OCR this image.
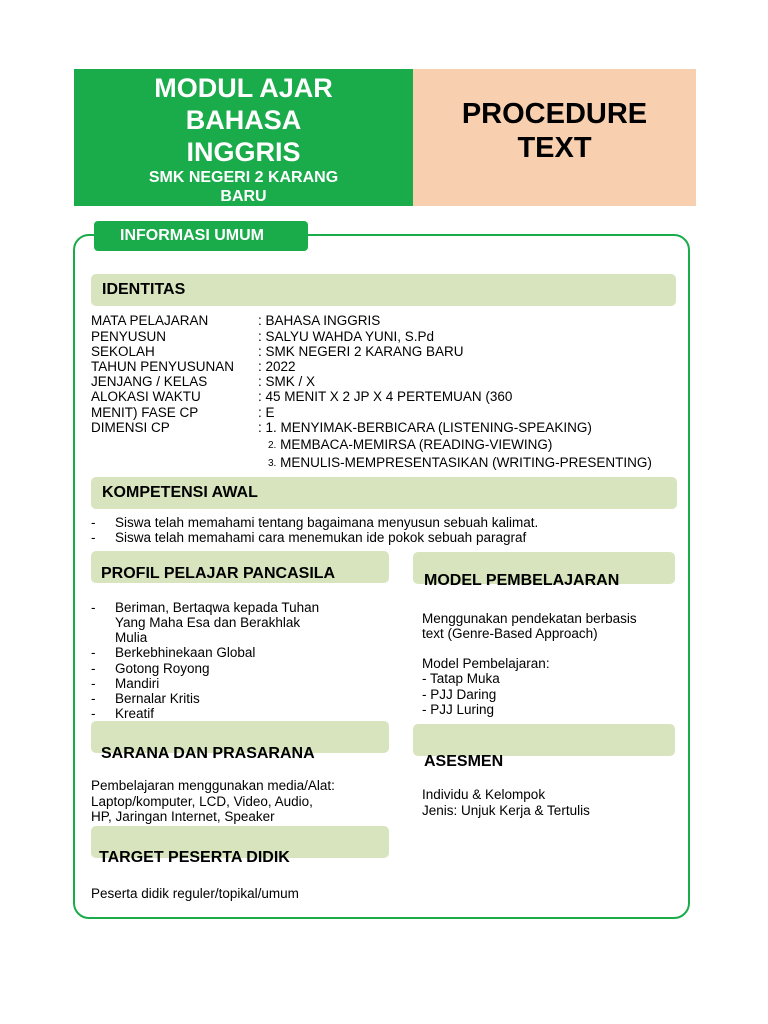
MODUL AJAR
BAHASA
INGGRIS
SMK NEGERI 2 KARANG
BARU
PROCEDURE
TEXT
INFORMASI UMUM
IDENTITAS
MATA PELAJARAN	: BAHASA INGGRIS
PENYUSUN	: SALYU WAHDA YUNI, S.Pd
SEKOLAH	: SMK NEGERI 2 KARANG BARU
TAHUN PENYUSUNAN : 2022
JENJANG / KELAS	: SMK / X
ALOKASI WAKTU	: 45 MENIT X 2 JP X 4 PERTEMUAN (360
MENIT) FASE CP	: E
DIMENSI CP	: 1. MENYIMAK-BERBICARA (LISTENING-SPEAKING)
2. MEMBACA-MEMIRSA (READING-VIEWING)
3. MENULIS-MEMPRESENTASIKAN (WRITING-PRESENTING)
KOMPETENSI AWAL
- Siswa telah memahami tentang bagaimana menyusun sebuah kalimat.
- Siswa telah memahami cara menemukan ide pokok sebuah paragraf
PROFIL PELAJAR PANCASILA
- Beriman, Bertaqwa kepada Tuhan
Yang Maha Esa dan Berakhlak
Mulia
- Berkebhinekaan Global
- Gotong Royong
- Mandiri
- Bernalar Kritis
- Kreatif
MODEL PEMBELAJARAN
Menggunakan pendekatan berbasis
text (Genre-Based Approach)
Model Pembelajaran:
- Tatap Muka
- PJJ Daring
- PJJ Luring
SARANA DAN PRASARANA
Pembelajaran menggunakan media/Alat:
Laptop/komputer, LCD, Video, Audio,
HP, Jaringan Internet, Speaker
ASESMEN
Individu & Kelompok
Jenis: Unjuk Kerja & Tertulis
TARGET PESERTA DIDIK
Peserta didik reguler/topikal/umum
